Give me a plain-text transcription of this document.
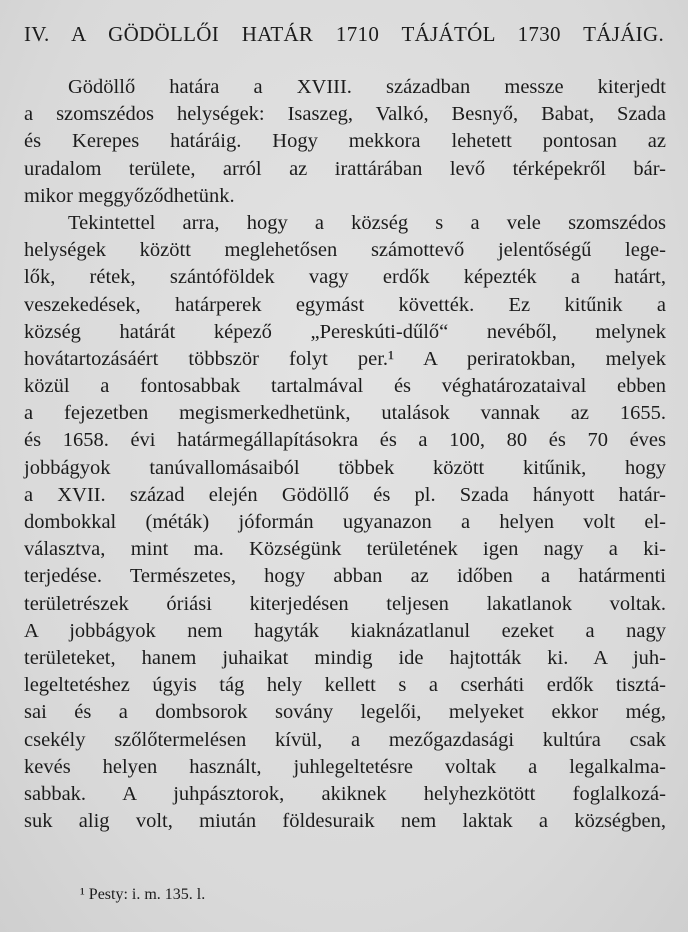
IV. A GÖDÖLLŐI HATÁR 1710 TÁJÁTÓL 1730 TÁJÁIG.
Gödöllő határa a XVIII. században messze kiterjedt
a szomszédos helységek: Isaszeg, Valkó, Besnyő, Babat, Szada
és Kerepes határáig. Hogy mekkora lehetett pontosan az
uradalom területe, arról az irattárában levő térképekről bár-
mikor meggyőződhetünk.
Tekintettel arra, hogy a község s a vele szomszédos
helységek között meglehetősen számottevő jelentőségű lege-
lők, rétek, szántóföldek vagy erdők képezték a határt,
veszekedések, határperek egymást követték. Ez kitűnik a
község határát képező „Pereskúti-dűlő“ nevéből, melynek
hovátartozásáért többször folyt per.¹ A periratokban, melyek
közül a fontosabbak tartalmával és véghatározataival ebben
a fejezetben megismerkedhetünk, utalások vannak az 1655.
és 1658. évi határmegállapításokra és a 100, 80 és 70 éves
jobbágyok tanúvallomásaiból többek között kitűnik, hogy
a XVII. század elején Gödöllő és pl. Szada hányott határ-
dombokkal (méták) jóformán ugyanazon a helyen volt el-
választva, mint ma. Községünk területének igen nagy a ki-
terjedése. Természetes, hogy abban az időben a határmenti
területrészek óriási kiterjedésen teljesen lakatlanok voltak.
A jobbágyok nem hagyták kiaknázatlanul ezeket a nagy
területeket, hanem juhaikat mindig ide hajtották ki. A juh-
legeltetéshez úgyis tág hely kellett s a cserháti erdők tisztá-
sai és a dombsorok sovány legelői, melyeket ekkor még,
csekély szőlőtermelésen kívül, a mezőgazdasági kultúra csak
kevés helyen használt, juhlegeltetésre voltak a legalkalma-
sabbak. A juhpásztorok, akiknek helyhezkötött foglalkozá-
suk alig volt, miután földesuraik nem laktak a községben,
¹ Pesty: i. m. 135. l.
